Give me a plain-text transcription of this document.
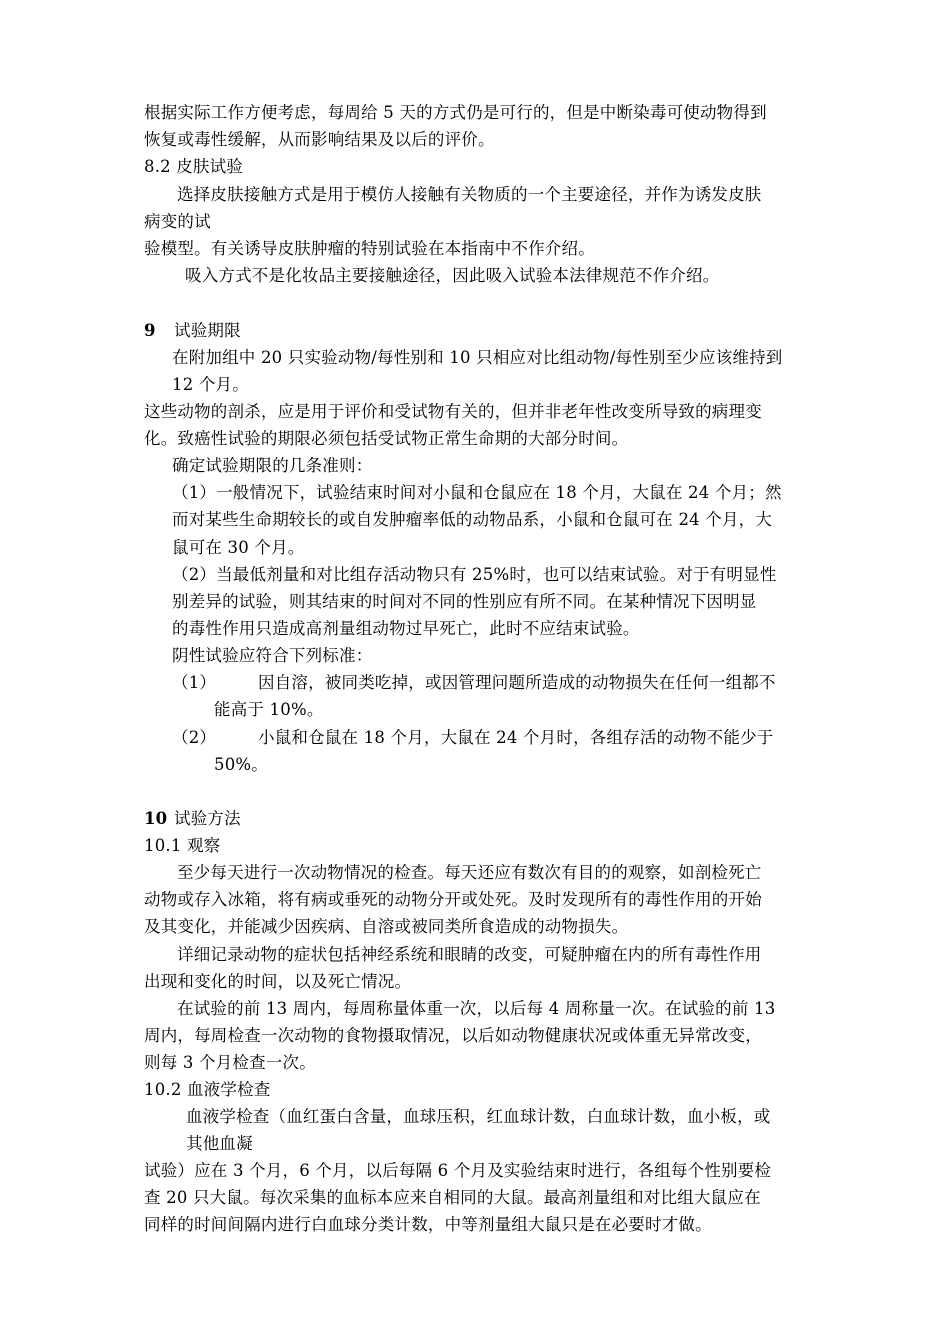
根据实际工作方便考虑，每周给 5 天的方式仍是可行的，但是中断染毒可使动物得到
恢复或毒性缓解，从而影响结果及以后的评价。
8.2 皮肤试验
选择皮肤接触方式是用于模仿人接触有关物质的一个主要途径，并作为诱发皮肤
病变的试
验模型。有关诱导皮肤肿瘤的特别试验在本指南中不作介绍。
吸入方式不是化妆品主要接触途径，因此吸入试验本法律规范不作介绍。
9 试验期限
在附加组中 20 只实验动物/每性别和 10 只相应对比组动物/每性别至少应该维持到
12 个月。
这些动物的剖杀，应是用于评价和受试物有关的，但并非老年性改变所导致的病理变
化。致癌性试验的期限必须包括受试物正常生命期的大部分时间。
确定试验期限的几条准则：
（1）一般情况下，试验结束时间对小鼠和仓鼠应在 18 个月，大鼠在 24 个月；然
而对某些生命期较长的或自发肿瘤率低的动物品系，小鼠和仓鼠可在 24 个月，大
鼠可在 30 个月。
（2）当最低剂量和对比组存活动物只有 25%时，也可以结束试验。对于有明显性
别差异的试验，则其结束的时间对不同的性别应有所不同。在某种情况下因明显
的毒性作用只造成高剂量组动物过早死亡，此时不应结束试验。
阴性试验应符合下列标准：
（1）	因自溶，被同类吃掉，或因管理问题所造成的动物损失在任何一组都不
能高于 10%。
（2）	小鼠和仓鼠在 18 个月，大鼠在 24 个月时，各组存活的动物不能少于
50%。
10 试验方法
10.1 观察
至少每天进行一次动物情况的检查。每天还应有数次有目的的观察，如剖检死亡
动物或存入冰箱，将有病或垂死的动物分开或处死。及时发现所有的毒性作用的开始
及其变化，并能减少因疾病、自溶或被同类所食造成的动物损失。
详细记录动物的症状包括神经系统和眼睛的改变，可疑肿瘤在内的所有毒性作用
出现和变化的时间，以及死亡情况。
在试验的前 13 周内，每周称量体重一次，以后每 4 周称量一次。在试验的前 13
周内，每周检查一次动物的食物摄取情况，以后如动物健康状况或体重无异常改变，
则每 3 个月检查一次。
10.2 血液学检查
血液学检查（血红蛋白含量，血球压积，红血球计数，白血球计数，血小板，或
其他血凝
试验）应在 3 个月，6 个月，以后每隔 6 个月及实验结束时进行，各组每个性别要检
查 20 只大鼠。每次采集的血标本应来自相同的大鼠。最高剂量组和对比组大鼠应在
同样的时间间隔内进行白血球分类计数，中等剂量组大鼠只是在必要时才做。
